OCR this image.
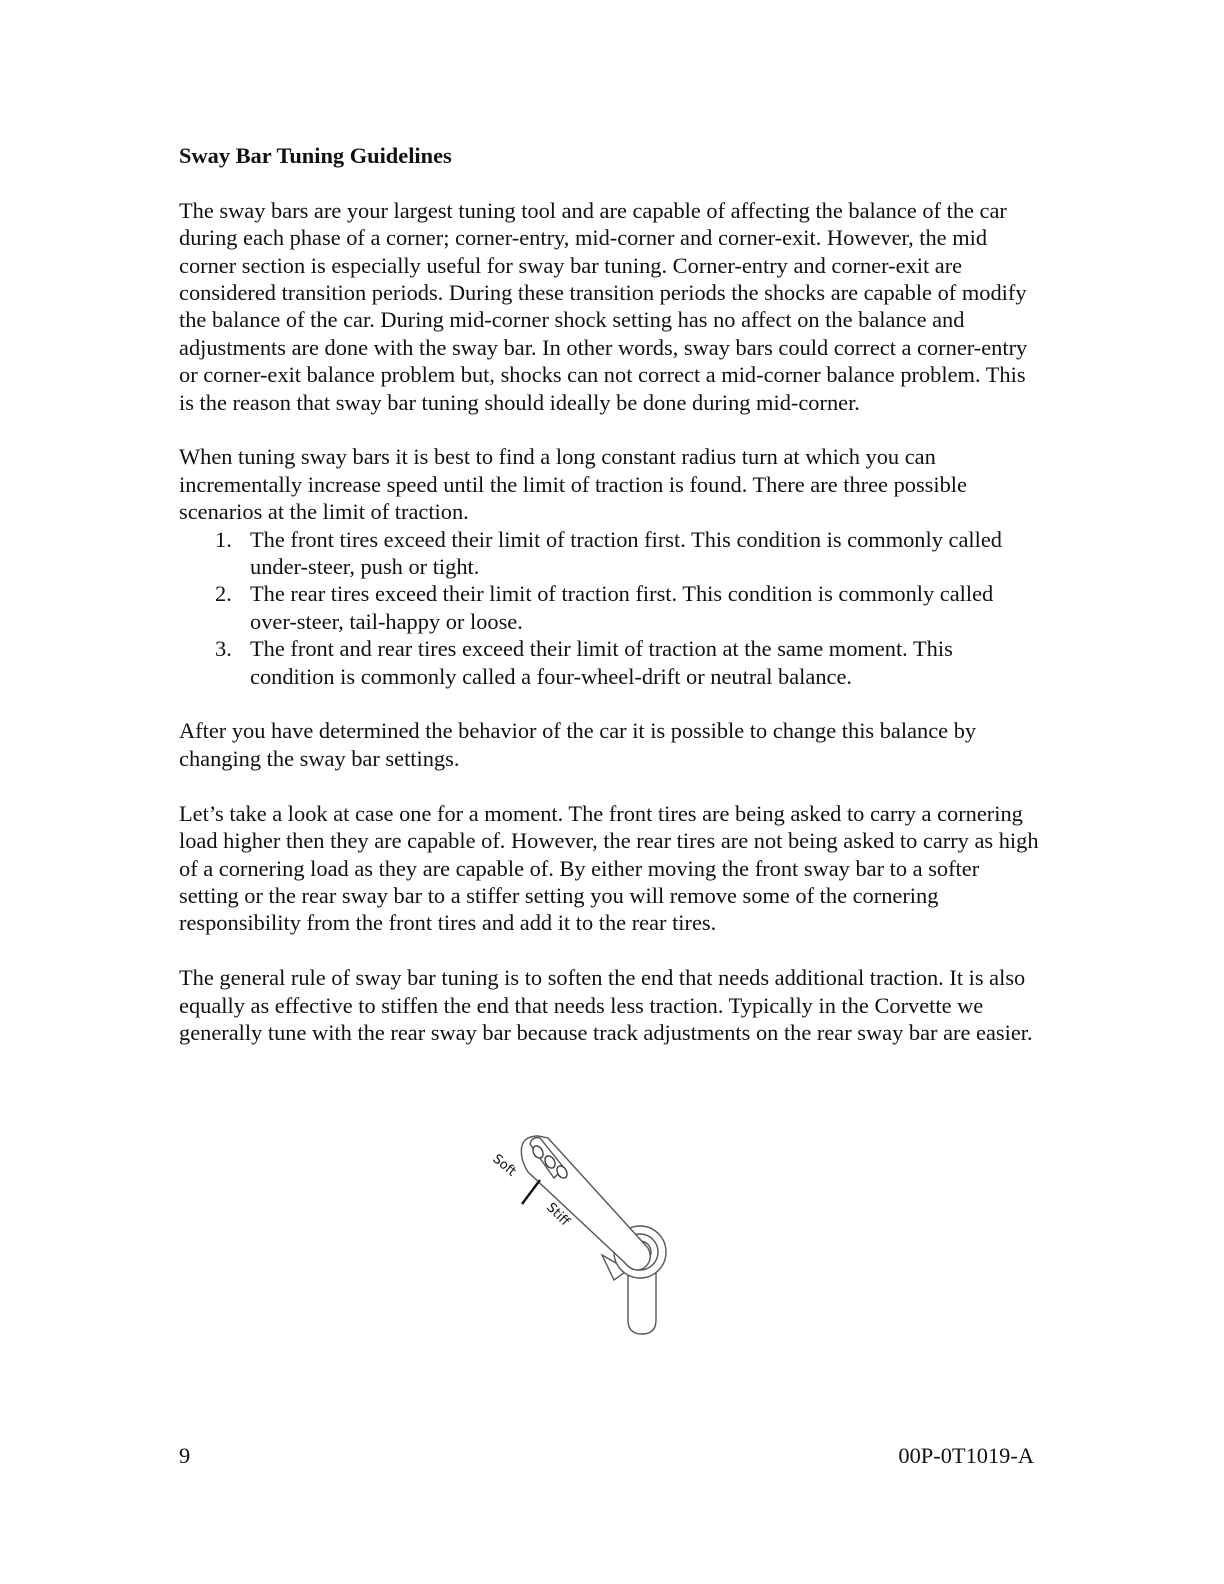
Sway Bar Tuning Guidelines
The sway bars are your largest tuning tool and are capable of affecting the balance of the car during each phase of a corner; corner-entry, mid-corner and corner-exit. However, the mid corner section is especially useful for sway bar tuning. Corner-entry and corner-exit are considered transition periods. During these transition periods the shocks are capable of modify the balance of the car. During mid-corner shock setting has no affect on the balance and adjustments are done with the sway bar. In other words, sway bars could correct a corner-entry or corner-exit balance problem but, shocks can not correct a mid-corner balance problem. This is the reason that sway bar tuning should ideally be done during mid-corner.
When tuning sway bars it is best to find a long constant radius turn at which you can incrementally increase speed until the limit of traction is found. There are three possible scenarios at the limit of traction.
1. The front tires exceed their limit of traction first. This condition is commonly called under-steer, push or tight.
2. The rear tires exceed their limit of traction first. This condition is commonly called over-steer, tail-happy or loose.
3. The front and rear tires exceed their limit of traction at the same moment. This condition is commonly called a four-wheel-drift or neutral balance.
After you have determined the behavior of the car it is possible to change this balance by changing the sway bar settings.
Let’s take a look at case one for a moment. The front tires are being asked to carry a cornering load higher then they are capable of. However, the rear tires are not being asked to carry as high of a cornering load as they are capable of. By either moving the front sway bar to a softer setting or the rear sway bar to a stiffer setting you will remove some of the cornering responsibility from the front tires and add it to the rear tires.
The general rule of sway bar tuning is to soften the end that needs additional traction. It is also equally as effective to stiffen the end that needs less traction. Typically in the Corvette we generally tune with the rear sway bar because track adjustments on the rear sway bar are easier.
Soft
Stiff
9	00P-0T1019-A
